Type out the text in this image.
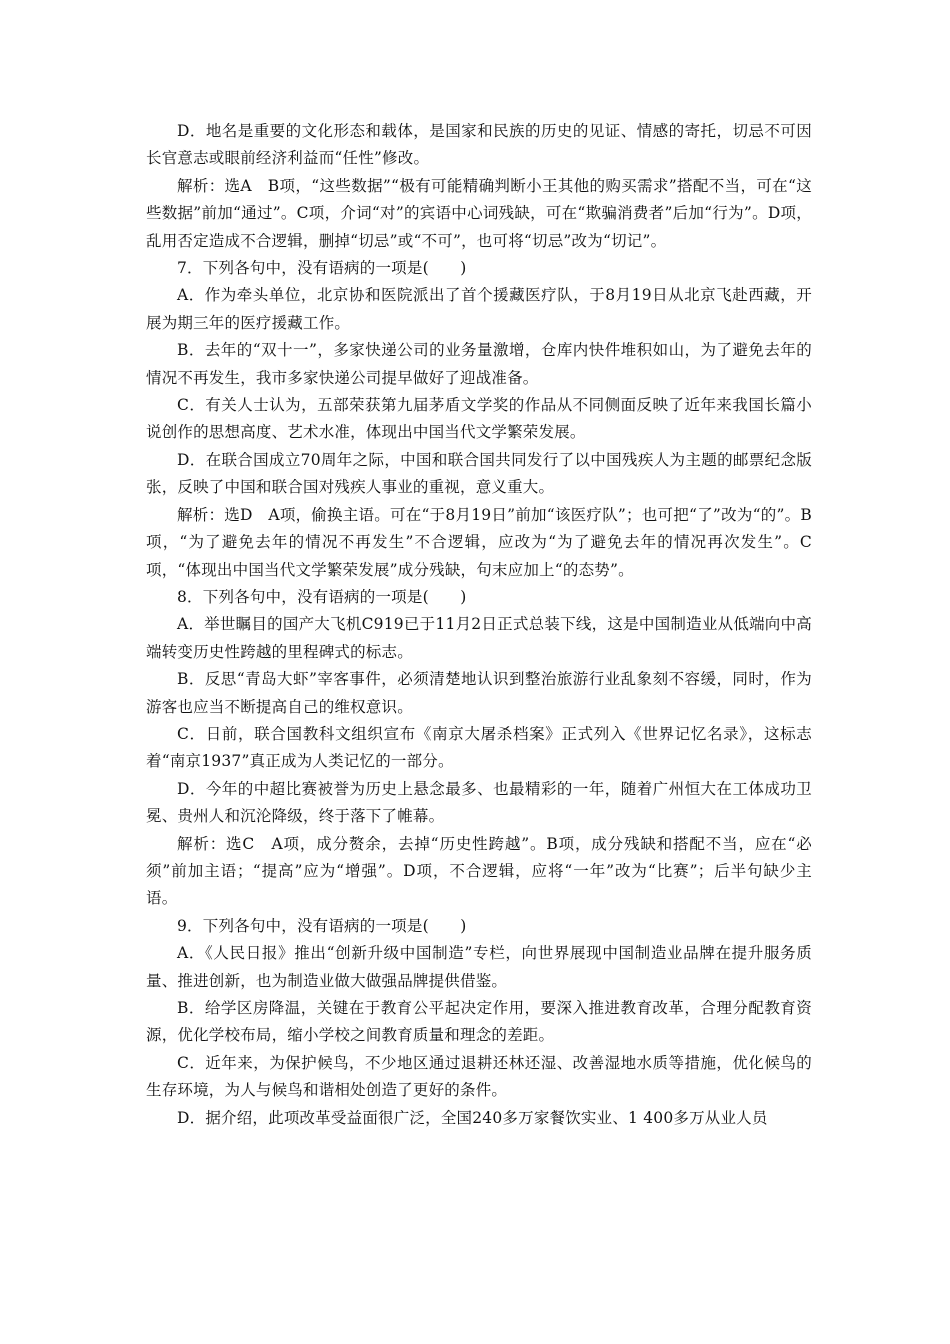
D．地名是重要的文化形态和载体，是国家和民族的历史的见证、情感的寄托，切忌不可因长官意志或眼前经济利益而“任性”修改。

解析：选A　B项，“这些数据”“极有可能精确判断小王其他的购买需求”搭配不当，可在“这些数据”前加“通过”。C项，介词“对”的宾语中心词残缺，可在“欺骗消费者”后加“行为”。D项，乱用否定造成不合逻辑，删掉“切忌”或“不可”，也可将“切忌”改为“切记”。

7．下列各句中，没有语病的一项是(　　)

A．作为牵头单位，北京协和医院派出了首个援藏医疗队，于8月19日从北京飞赴西藏，开展为期三年的医疗援藏工作。

B．去年的“双十一”，多家快递公司的业务量激增，仓库内快件堆积如山，为了避免去年的情况不再发生，我市多家快递公司提早做好了迎战准备。

C．有关人士认为，五部荣获第九届茅盾文学奖的作品从不同侧面反映了近年来我国长篇小说创作的思想高度、艺术水准，体现出中国当代文学繁荣发展。

D．在联合国成立70周年之际，中国和联合国共同发行了以中国残疾人为主题的邮票纪念版张，反映了中国和联合国对残疾人事业的重视，意义重大。

解析：选D　A项，偷换主语。可在“于8月19日”前加“该医疗队”；也可把“了”改为“的”。B项，“为了避免去年的情况不再发生”不合逻辑，应改为“为了避免去年的情况再次发生”。C项，“体现出中国当代文学繁荣发展”成分残缺，句末应加上“的态势”。

8．下列各句中，没有语病的一项是(　　)

A．举世瞩目的国产大飞机C919已于11月2日正式总装下线，这是中国制造业从低端向中高端转变历史性跨越的里程碑式的标志。

B．反思“青岛大虾”宰客事件，必须清楚地认识到整治旅游行业乱象刻不容缓，同时，作为游客也应当不断提高自己的维权意识。

C．日前，联合国教科文组织宣布《南京大屠杀档案》正式列入《世界记忆名录》，这标志着“南京1937”真正成为人类记忆的一部分。

D．今年的中超比赛被誉为历史上悬念最多、也最精彩的一年，随着广州恒大在工体成功卫冕、贵州人和沉沦降级，终于落下了帷幕。

解析：选C　A项，成分赘余，去掉“历史性跨越”。B项，成分残缺和搭配不当，应在“必须”前加主语；“提高”应为“增强”。D项，不合逻辑，应将“一年”改为“比赛”；后半句缺少主语。

9．下列各句中，没有语病的一项是(　　)

A．《人民日报》推出“创新升级中国制造”专栏，向世界展现中国制造业品牌在提升服务质量、推进创新，也为制造业做大做强品牌提供借鉴。

B．给学区房降温，关键在于教育公平起决定作用，要深入推进教育改革，合理分配教育资源，优化学校布局，缩小学校之间教育质量和理念的差距。

C．近年来，为保护候鸟，不少地区通过退耕还林还湿、改善湿地水质等措施，优化候鸟的生存环境，为人与候鸟和谐相处创造了更好的条件。

D．据介绍，此项改革受益面很广泛，全国240多万家餐饮实业、1 400多万从业人员
